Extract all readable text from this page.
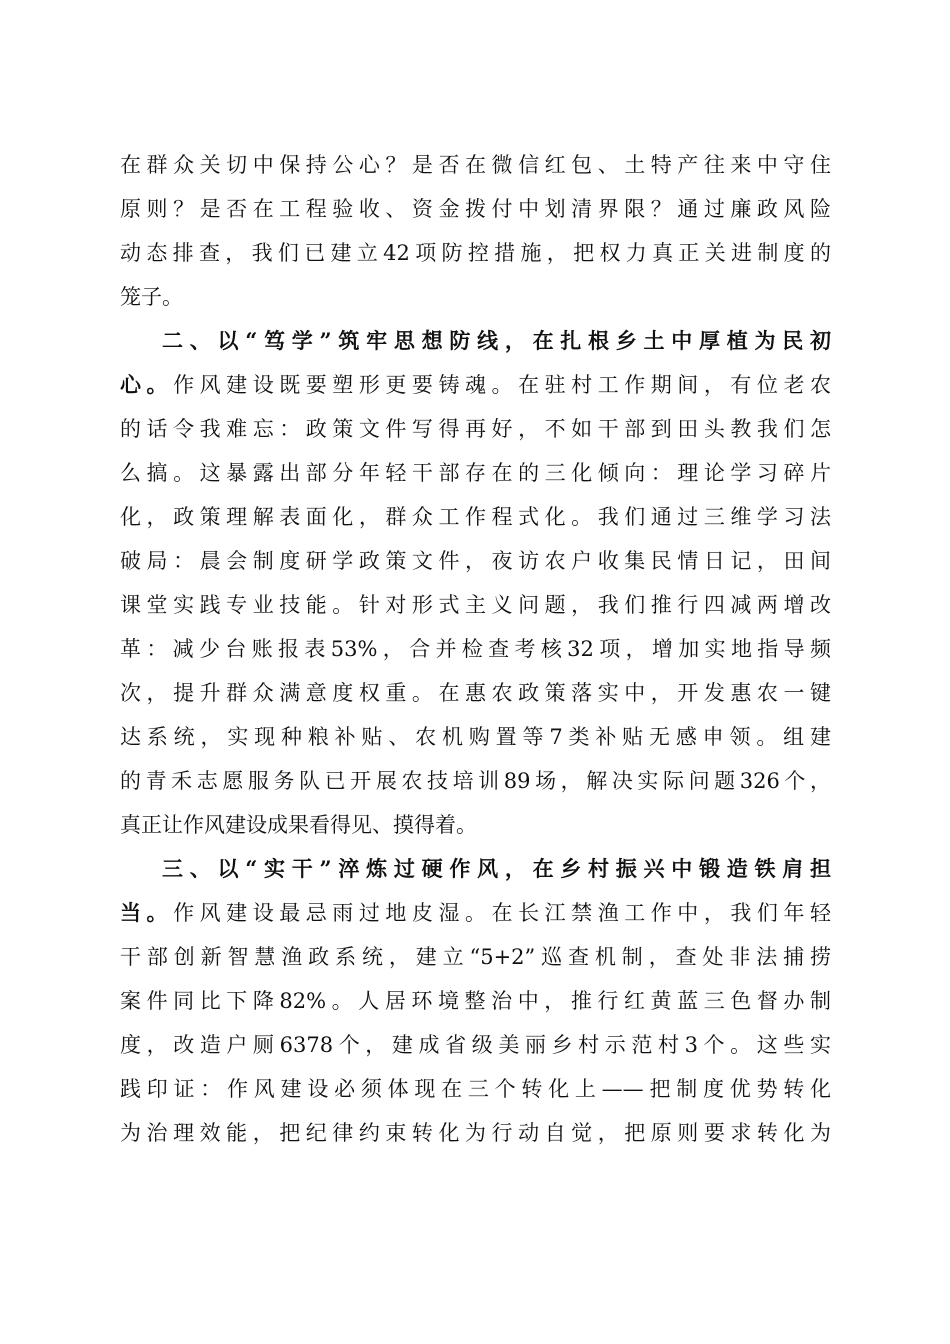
在群众关切中保持公心？是否在微信红包、土特产往来中守住
原则？是否在工程验收、资金拨付中划清界限？通过廉政风险
动态排查，我们已建立42项防控措施，把权力真正关进制度的
笼子。
二、以“笃学”筑牢思想防线，在扎根乡土中厚植为民初
心。作风建设既要塑形更要铸魂。在驻村工作期间，有位老农
的话令我难忘：政策文件写得再好，不如干部到田头教我们怎
么搞。这暴露出部分年轻干部存在的三化倾向：理论学习碎片
化，政策理解表面化，群众工作程式化。我们通过三维学习法
破局：晨会制度研学政策文件，夜访农户收集民情日记，田间
课堂实践专业技能。针对形式主义问题，我们推行四减两增改
革：减少台账报表53%，合并检查考核32项，增加实地指导频
次，提升群众满意度权重。在惠农政策落实中，开发惠农一键
达系统，实现种粮补贴、农机购置等7类补贴无感申领。组建
的青禾志愿服务队已开展农技培训89场，解决实际问题326个，
真正让作风建设成果看得见、摸得着。
三、以“实干”淬炼过硬作风，在乡村振兴中锻造铁肩担
当。作风建设最忌雨过地皮湿。在长江禁渔工作中，我们年轻
干部创新智慧渔政系统，建立“5+2”巡查机制，查处非法捕捞
案件同比下降82%。人居环境整治中，推行红黄蓝三色督办制
度，改造户厕6378个，建成省级美丽乡村示范村3个。这些实
践印证：作风建设必须体现在三个转化上——把制度优势转化
为治理效能，把纪律约束转化为行动自觉，把原则要求转化为
